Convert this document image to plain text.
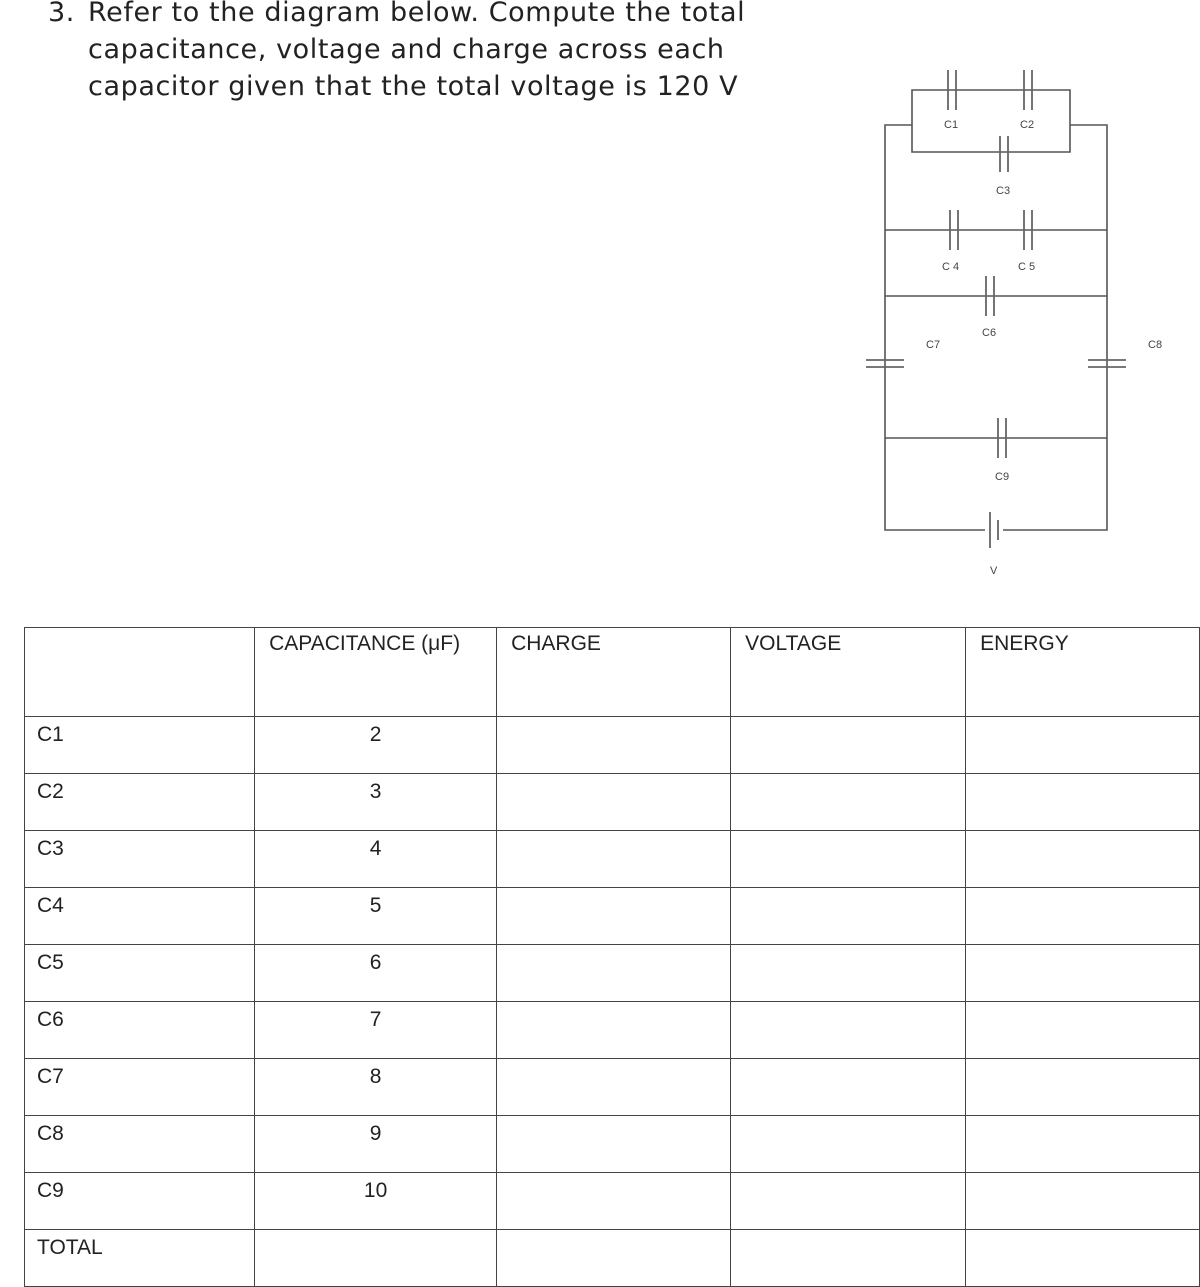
3. Refer to the diagram below. Compute the total
capacitance, voltage and charge across each
capacitor given that the total voltage is 120 V
C7	C8
C1	C2
C3
C 4	C 5
C6
C9
V
	CAPACITANCE (μF)	CHARGE	VOLTAGE	ENERGY
C1	2			
C2	3			
C3	4			
C4	5			
C5	6			
C6	7			
C7	8			
C8	9			
C9	10			
TOTAL				
